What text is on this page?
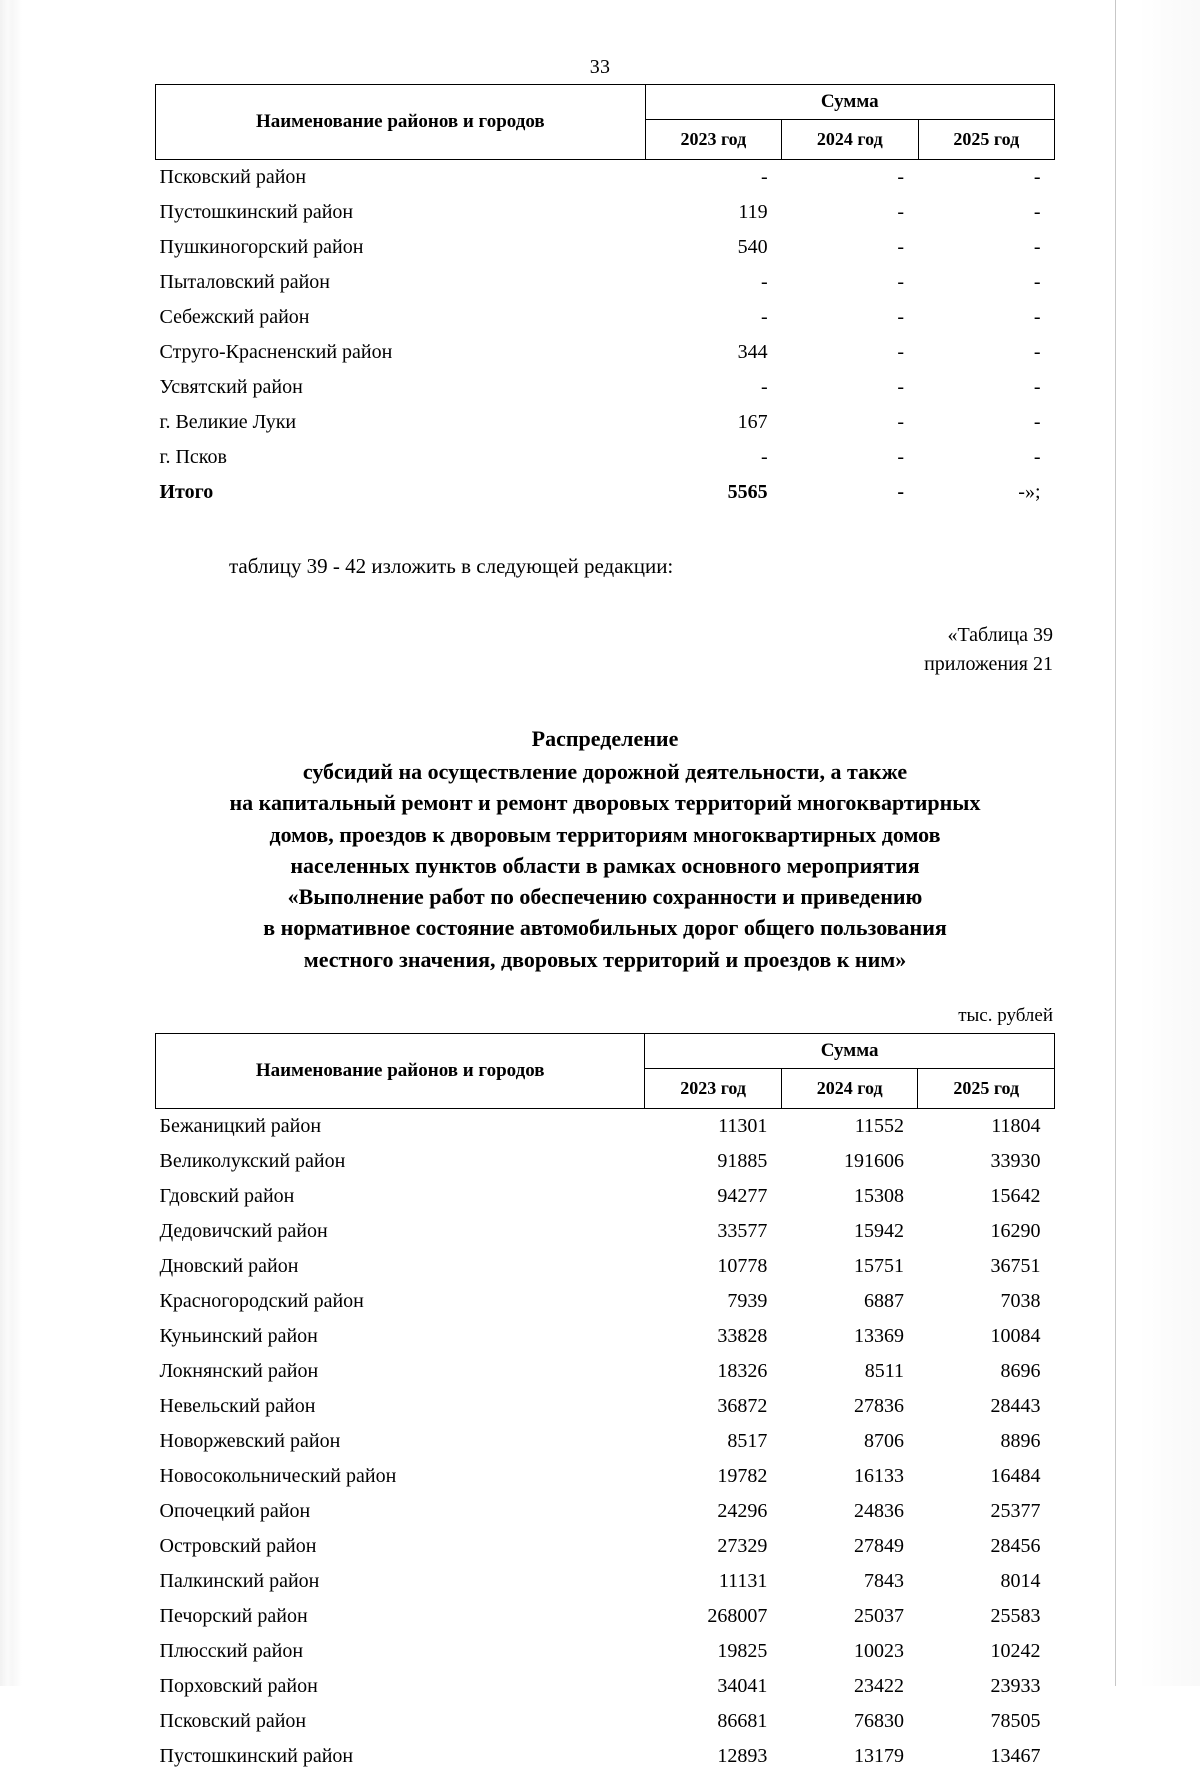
33
Наименование районов и городов	Сумма		
	2023 год	2024 год	2025 год
Псковский район	-	-	-
Пустошкинский район	119	-	-
Пушкиногорский район	540	-	-
Пыталовский район	-	-	-
Себежский район	-	-	-
Струго-Красненский район	344	-	-
Усвятский район	-	-	-
г. Великие Луки	167	-	-
г. Псков	-	-	-
Итого	5565	-	-»;
таблицу 39 - 42 изложить в следующей редакции:
«Таблица 39
приложения 21
Распределение
субсидий на осуществление дорожной деятельности, а также
на капитальный ремонт и ремонт дворовых территорий многоквартирных
домов, проездов к дворовым территориям многоквартирных домов
населенных пунктов области в рамках основного мероприятия
«Выполнение работ по обеспечению сохранности и приведению
в нормативное состояние автомобильных дорог общего пользования
местного значения, дворовых территорий и проездов к ним»
тыс. рублей
Наименование районов и городов	Сумма		
	2023 год	2024 год	2025 год
Бежаницкий район	11301	11552	11804
Великолукский район	91885	191606	33930
Гдовский район	94277	15308	15642
Дедовичский район	33577	15942	16290
Дновский район	10778	15751	36751
Красногородский район	7939	6887	7038
Куньинский район	33828	13369	10084
Локнянский район	18326	8511	8696
Невельский район	36872	27836	28443
Новоржевский район	8517	8706	8896
Новосокольнический район	19782	16133	16484
Опочецкий район	24296	24836	25377
Островский район	27329	27849	28456
Палкинский район	11131	7843	8014
Печорский район	268007	25037	25583
Плюсский район	19825	10023	10242
Порховский район	34041	23422	23933
Псковский район	86681	76830	78505
Пустошкинский район	12893	13179	13467
